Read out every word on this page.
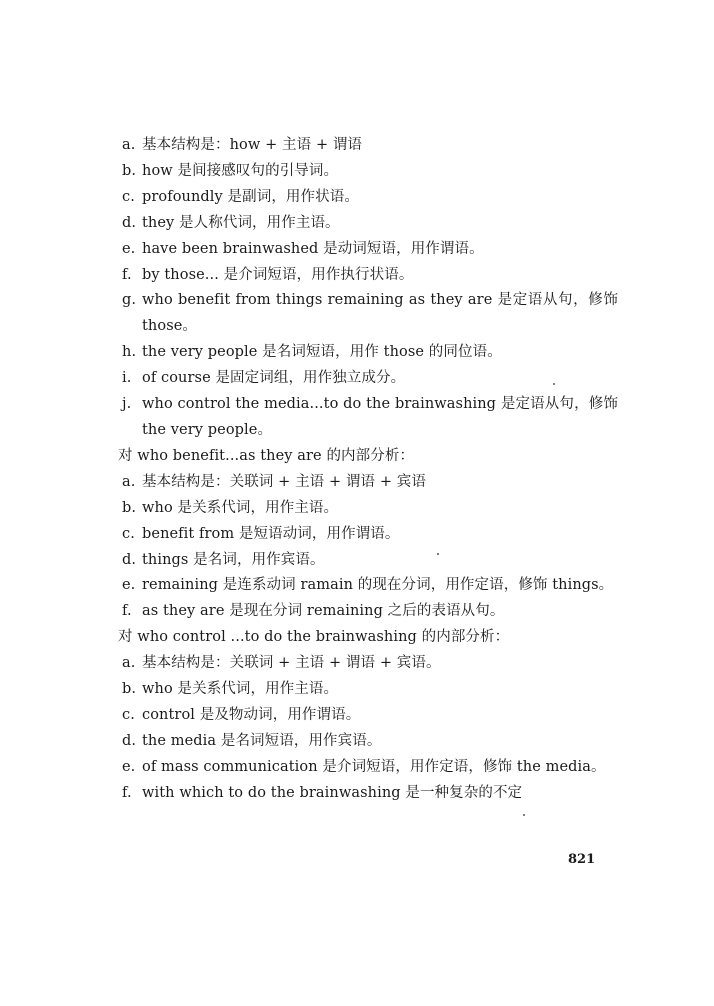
a. 基本结构是：how + 主语 + 谓语
b. how 是间接感叹句的引导词。
c. profoundly 是副词，用作状语。
d. they 是人称代词，用作主语。
e. have been brainwashed 是动词短语，用作谓语。
f. by those... 是介词短语，用作执行状语。
g. who benefit from things remaining as they are 是定语从句，修饰 those。
h. the very people 是名词短语，用作 those 的同位语。
i. of course 是固定词组，用作独立成分。
j. who control the media...to do the brainwashing 是定语从句，修饰 the very people。
对 who benefit...as they are 的内部分析：
a. 基本结构是：关联词 + 主语 + 谓语 + 宾语
b. who 是关系代词，用作主语。
c. benefit from 是短语动词，用作谓语。
d. things 是名词，用作宾语。
e. remaining 是连系动词 ramain 的现在分词，用作定语，修饰 things。
f. as they are 是现在分词 remaining 之后的表语从句。
对 who control ...to do the brainwashing 的内部分析：
a. 基本结构是：关联词 + 主语 + 谓语 + 宾语。
b. who 是关系代词，用作主语。
c. control 是及物动词，用作谓语。
d. the media 是名词短语，用作宾语。
e. of mass communication 是介词短语，用作定语，修饰 the media。
f. with which to do the brainwashing 是一种复杂的不定
821
